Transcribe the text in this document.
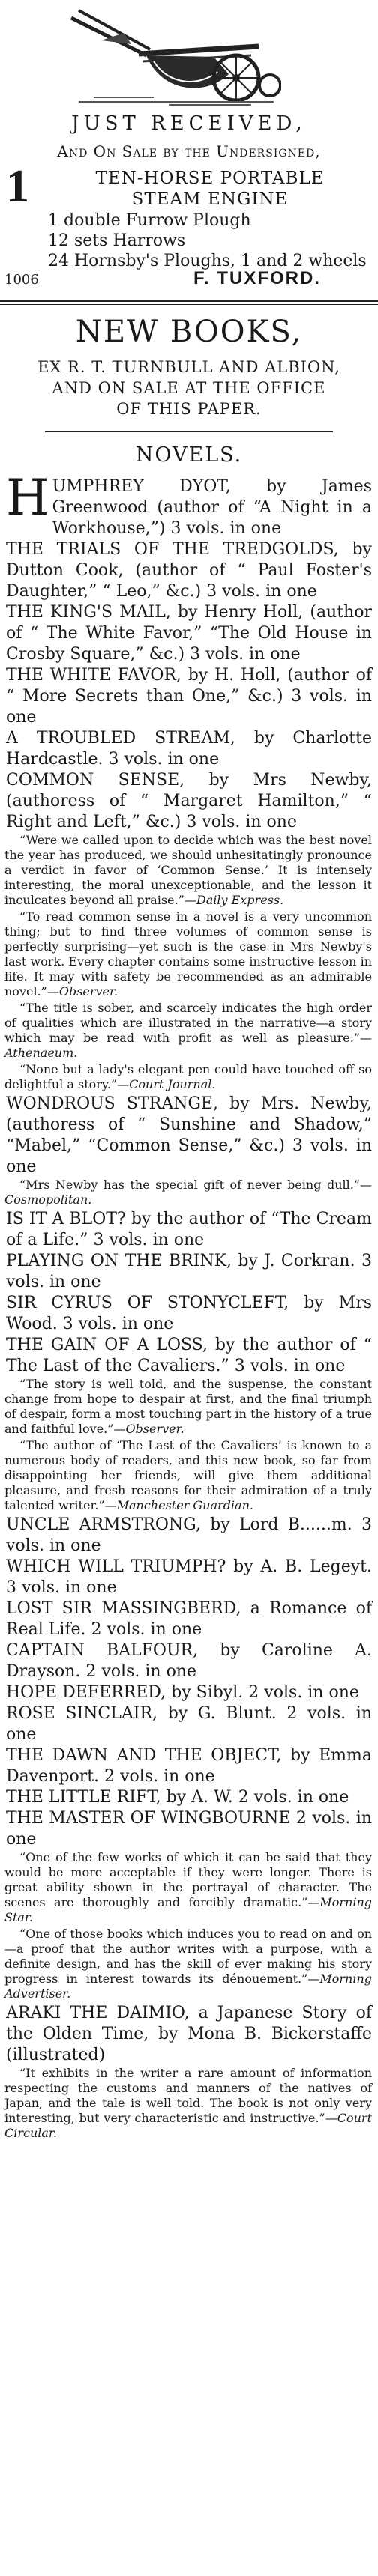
JUST RECEIVED,
And On Sale by the Undersigned,
1	TEN-HORSE PORTABLE
STEAM ENGINE
1 double Furrow Plough
12 sets Harrows
24 Hornsby's Ploughs, 1 and 2 wheels
1006	F. TUXFORD.
NEW BOOKS,
EX R. T. TURNBULL AND ALBION,
AND ON SALE AT THE OFFICE
OF THIS PAPER.
NOVELS.

HUMPHREY DYOT, by James Greenwood (author of “A Night in a Workhouse,”) 3 vols. in one

THE TRIALS OF THE TREDGOLDS, by Dutton Cook, (author of “ Paul Foster's Daughter,” “ Leo,” &c.) 3 vols. in one

THE KING'S MAIL, by Henry Holl, (author of “ The White Favor,” “The Old House in Crosby Square,” &c.) 3 vols. in one

THE WHITE FAVOR, by H. Holl, (author of “ More Secrets than One,” &c.) 3 vols. in one

A TROUBLED STREAM, by Charlotte Hardcastle. 3 vols. in one

COMMON SENSE, by Mrs Newby, (authoress of “ Margaret Hamilton,” “ Right and Left,” &c.) 3 vols. in one

“Were we called upon to decide which was the best novel the year has produced, we should unhesitatingly pronounce a verdict in favor of ‘Common Sense.’ It is intensely interesting, the moral unexceptionable, and the lesson it inculcates beyond all praise.”—Daily Express.

“To read common sense in a novel is a very uncommon thing; but to find three volumes of common sense is perfectly surprising—yet such is the case in Mrs Newby's last work. Every chapter contains some instructive lesson in life. It may with safety be recommended as an admirable novel.”—Observer.

“The title is sober, and scarcely indicates the high order of qualities which are illustrated in the narrative—a story which may be read with profit as well as pleasure.”—Athenaeum.

“None but a lady's elegant pen could have touched off so delightful a story.”—Court Journal.

WONDROUS STRANGE, by Mrs. Newby, (authoress of “ Sunshine and Shadow,” “Mabel,” “Common Sense,” &c.) 3 vols. in one

“Mrs Newby has the special gift of never being dull.”—Cosmopolitan.

IS IT A BLOT? by the author of “The Cream of a Life.” 3 vols. in one

PLAYING ON THE BRINK, by J. Corkran. 3 vols. in one

SIR CYRUS OF STONYCLEFT, by Mrs Wood. 3 vols. in one

THE GAIN OF A LOSS, by the author of “ The Last of the Cavaliers.” 3 vols. in one

“The story is well told, and the suspense, the constant change from hope to despair at first, and the final triumph of despair, form a most touching part in the history of a true and faithful love.”—Observer.

“The author of ‘The Last of the Cavaliers’ is known to a numerous body of readers, and this new book, so far from disappointing her friends, will give them additional pleasure, and fresh reasons for their admiration of a truly talented writer.”—Manchester Guardian.

UNCLE ARMSTRONG, by Lord B......m. 3 vols. in one

WHICH WILL TRIUMPH? by A. B. Legeyt. 3 vols. in one

LOST SIR MASSINGBERD, a Romance of Real Life. 2 vols. in one

CAPTAIN BALFOUR, by Caroline A. Drayson. 2 vols. in one

HOPE DEFERRED, by Sibyl. 2 vols. in one

ROSE SINCLAIR, by G. Blunt. 2 vols. in one

THE DAWN AND THE OBJECT, by Emma Davenport. 2 vols. in one

THE LITTLE RIFT, by A. W. 2 vols. in one

THE MASTER OF WINGBOURNE 2 vols. in one

“One of the few works of which it can be said that they would be more acceptable if they were longer. There is great ability shown in the portrayal of character. The scenes are thoroughly and forcibly dramatic.”—Morning Star.

“One of those books which induces you to read on and on—a proof that the author writes with a purpose, with a definite design, and has the skill of ever making his story progress in interest towards its dénouement.”—Morning Advertiser.

ARAKI THE DAIMIO, a Japanese Story of the Olden Time, by Mona B. Bickerstaffe (illustrated)

“It exhibits in the writer a rare amount of information respecting the customs and manners of the natives of Japan, and the tale is well told. The book is not only very interesting, but very characteristic and instructive.”—Court Circular.
